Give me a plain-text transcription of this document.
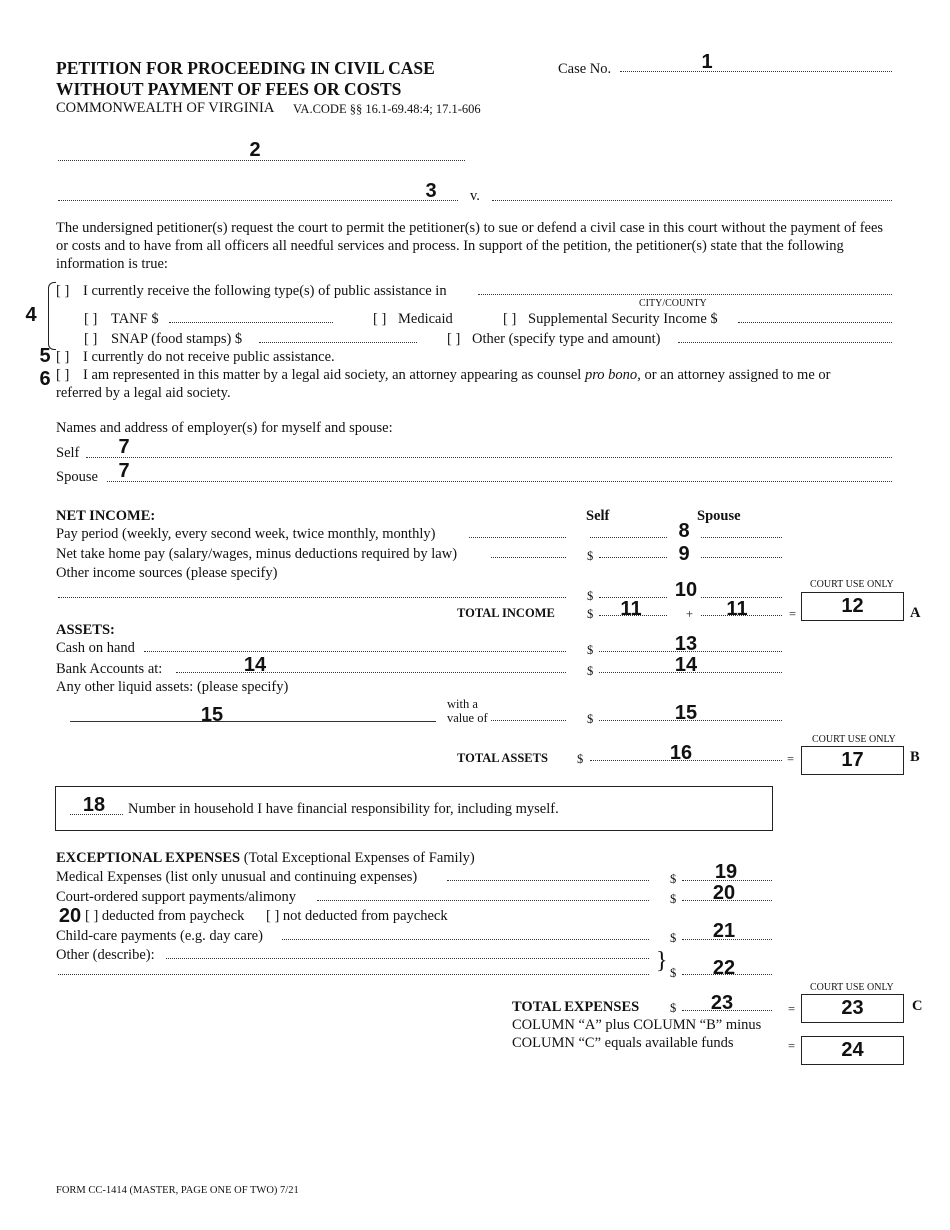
PETITION FOR PROCEEDING IN CIVIL CASE
WITHOUT PAYMENT OF FEES OR COSTS
COMMONWEALTH OF VIRGINIA VA.CODE §§ 16.1-69.48:4; 17.1-606
Case No.	1
2
3	v.
The undersigned petitioner(s) request the court to permit the petitioner(s) to sue or defend a civil case in this court without the payment of fees or costs and to have from all officers all needful services and process. In support of the petition, the petitioner(s) state that the following information is true:
4
[ ] I currently receive the following type(s) of public assistance in
CITY/COUNTY
[ ] TANF $	[ ] Medicaid	[ ] Supplemental Security Income $
[ ] SNAP (food stamps) $	[ ] Other (specify type and amount)
5 [ ] I currently do not receive public assistance.
6 [ ] I am represented in this matter by a legal aid society, an attorney appearing as counsel pro bono, or an attorney assigned to me or
referred by a legal aid society.
Names and address of employer(s) for myself and spouse:
Self	7
Spouse	7
NET INCOME:	Self	Spouse
Pay period (weekly, every second week, twice monthly, monthly)	8
Net take home pay (salary/wages, minus deductions required by law)	$	9
Other income sources (please specify)
$	10	COURT USE ONLY
TOTAL INCOME	$	11	+	11	=	12	A
ASSETS:
Cash on hand	$	13
Bank Accounts at:	14	$	14
Any other liquid assets: (please specify)
15	with a
value of	$	15
COURT USE ONLY
TOTAL ASSETS $	16	=	17	B
18	Number in household I have financial responsibility for, including myself.
EXCEPTIONAL EXPENSES (Total Exceptional Expenses of Family)
Medical Expenses (list only unusual and continuing expenses)	$	19
Court-ordered support payments/alimony	$	20
20 [ ] deducted from paycheck [ ] not deducted from paycheck
Child-care payments (e.g. day care)	$	21
Other (describe):	} $	22
COURT USE ONLY
TOTAL EXPENSES $	23	=	23	C
COLUMN “A” plus COLUMN “B” minus
COLUMN “C” equals available funds	=	24
FORM CC-1414 (MASTER, PAGE ONE OF TWO) 7/21
